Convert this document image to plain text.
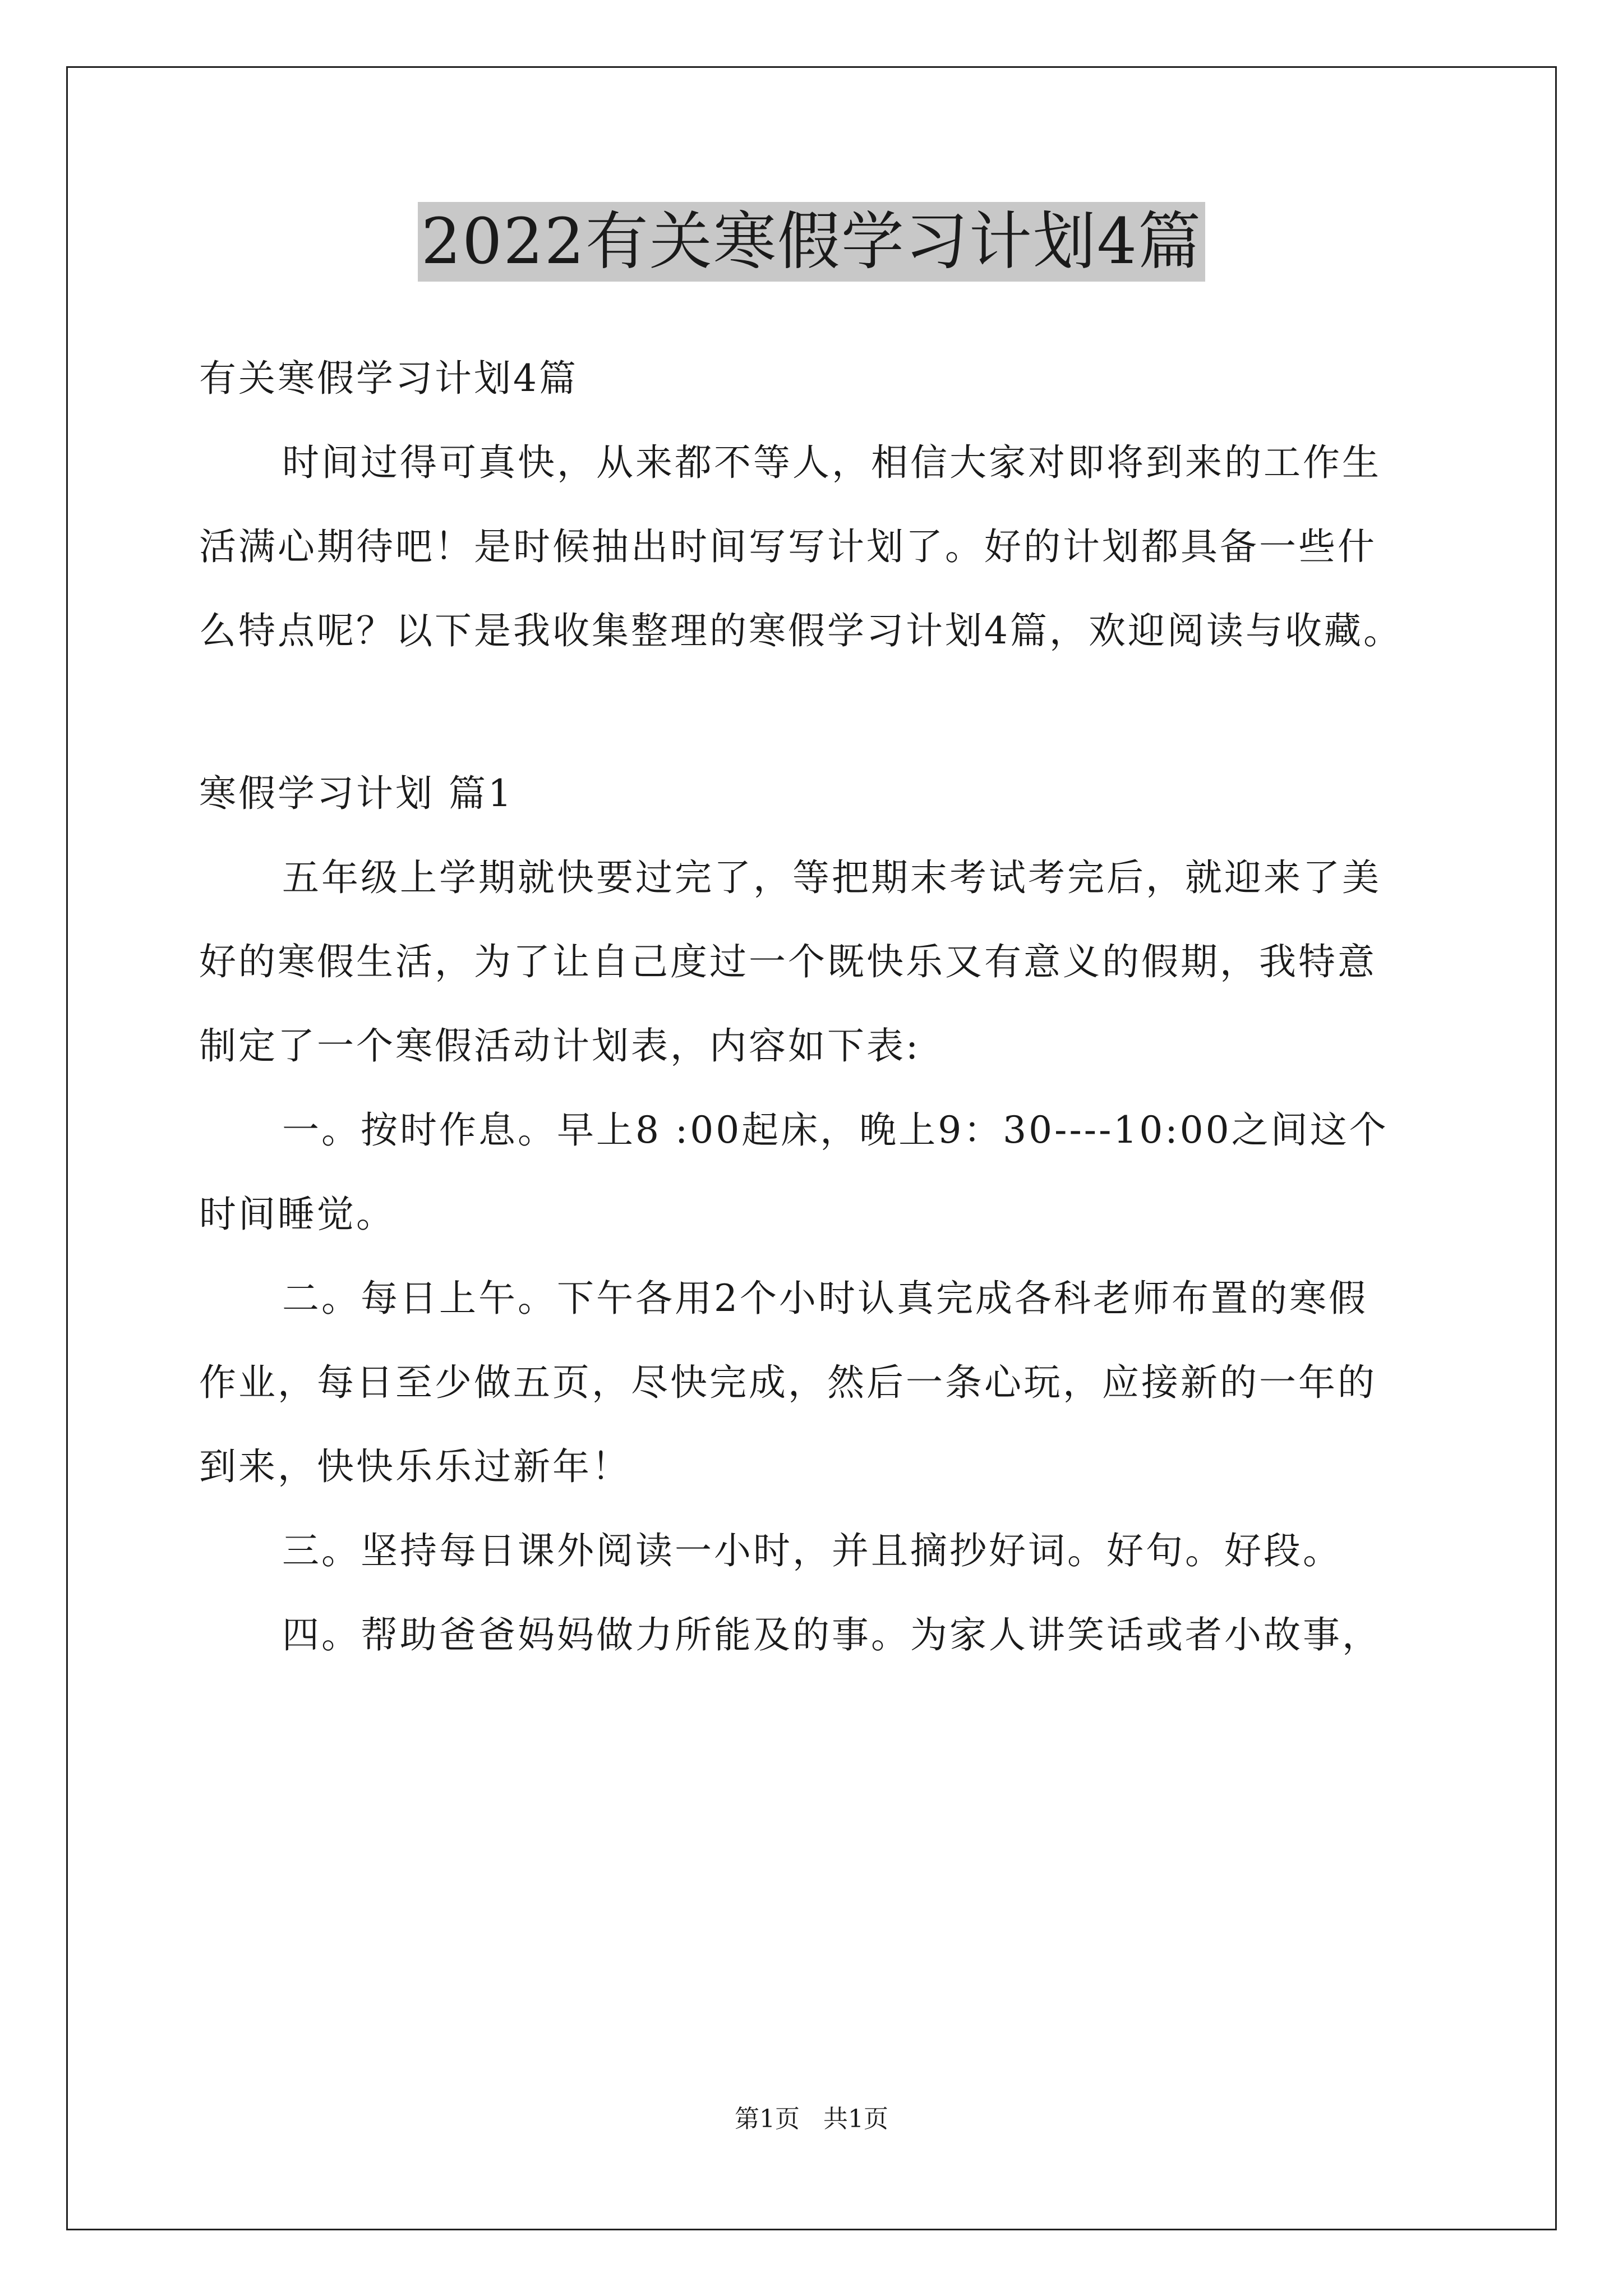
2022有关寒假学习计划4篇
有关寒假学习计划4篇
时间过得可真快，从来都不等人，相信大家对即将到来的工作生
活满心期待吧！是时候抽出时间写写计划了。好的计划都具备一些什
么特点呢？以下是我收集整理的寒假学习计划4篇，欢迎阅读与收藏。
寒假学习计划 篇1
五年级上学期就快要过完了，等把期末考试考完后，就迎来了美
好的寒假生活，为了让自己度过一个既快乐又有意义的假期，我特意
制定了一个寒假活动计划表，内容如下表:
一。按时作息。早上8 :00起床，晚上9：30----10:00之间这个
时间睡觉。
二。每日上午。下午各用2个小时认真完成各科老师布置的寒假
作业，每日至少做五页，尽快完成，然后一条心玩，应接新的一年的
到来，快快乐乐过新年！
三。坚持每日课外阅读一小时，并且摘抄好词。好句。好段。
四。帮助爸爸妈妈做力所能及的事。为家人讲笑话或者小故事，
第1页 共1页
